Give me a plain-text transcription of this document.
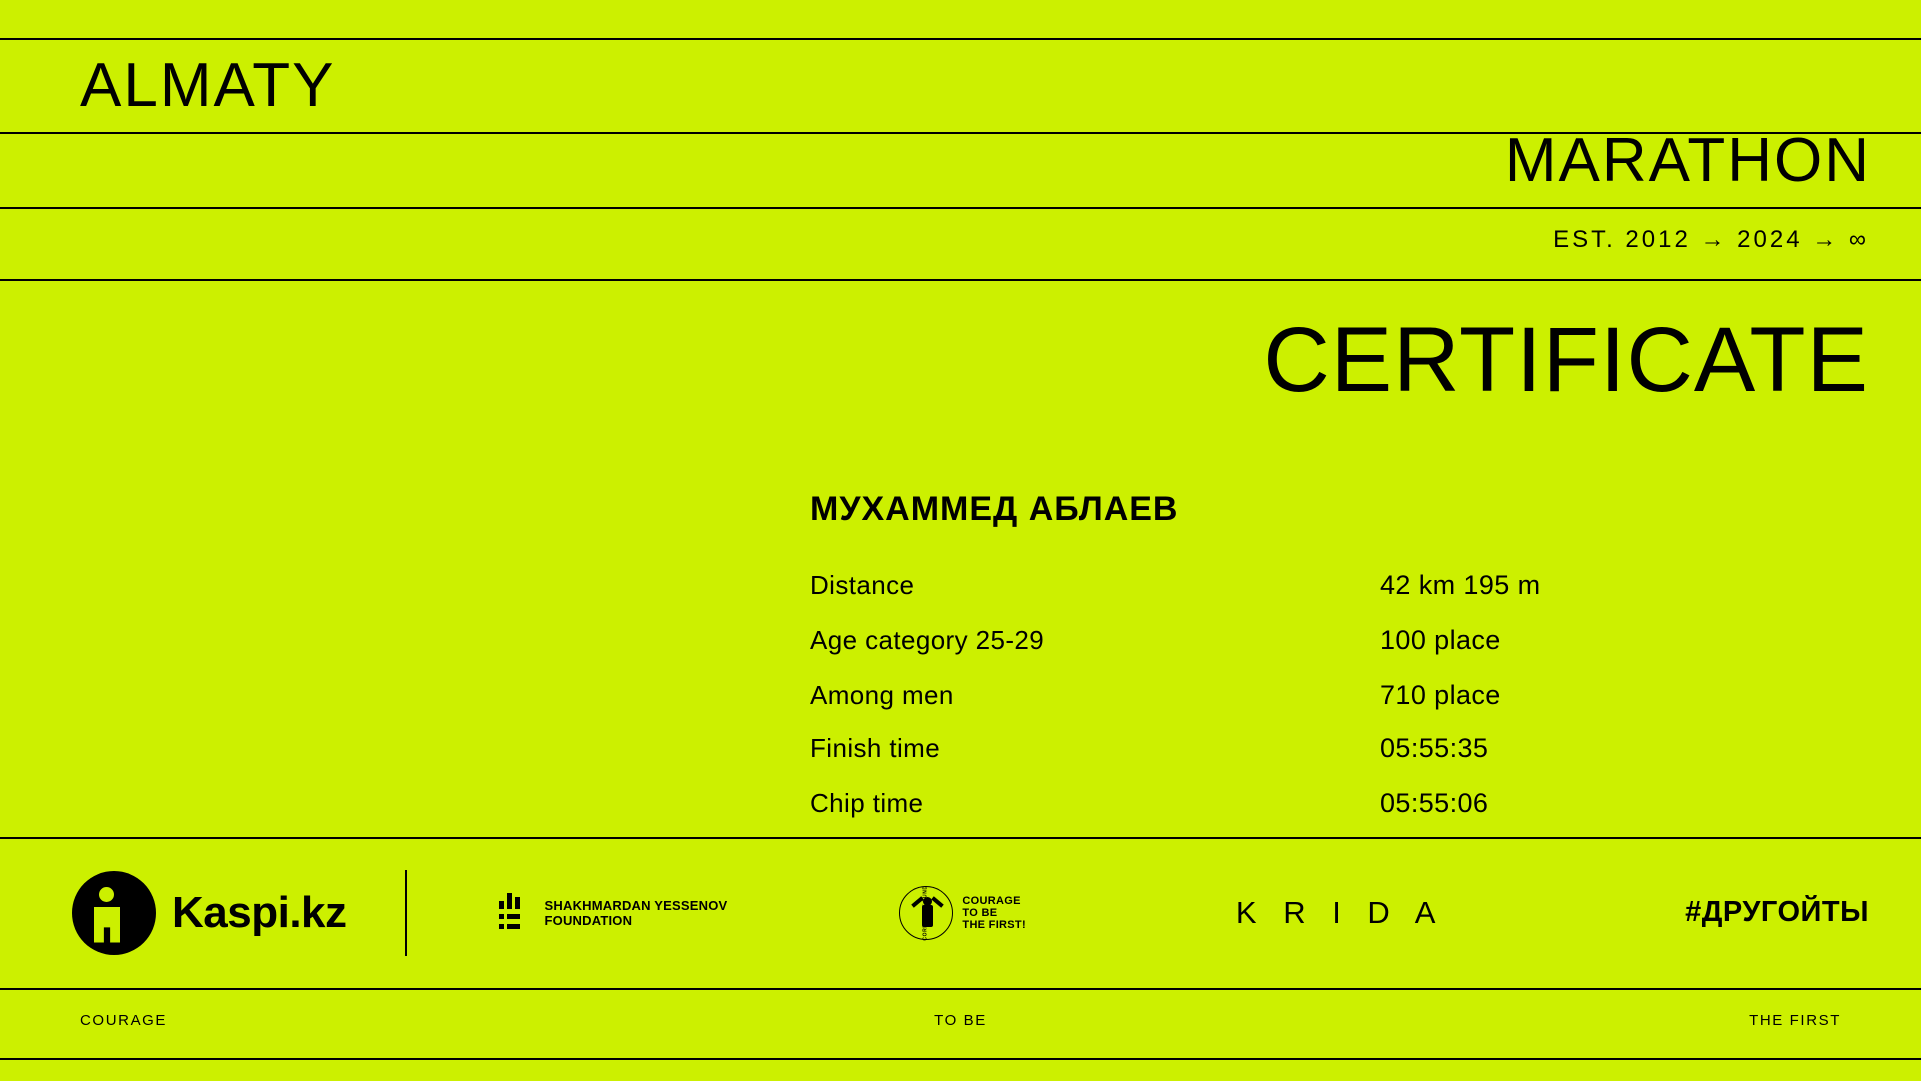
ALMATY
MARATHON
EST. 2012 → 2024 → ∞
CERTIFICATE
МУХАММЕД АБЛАЕВ
Distance	42 km 195 m
Age category 25-29	100 place
Among men	710 place
Finish time	05:55:35
Chip time	05:55:06
Kaspi.kz	SHAKHMARDAN YESSENOV
FOUNDATION	CORPORATE FUND	COURAGE
TO BE
THE FIRST!	K R I D A	#ДРУГОЙТЫ
COURAGE	TO BE	THE FIRST
